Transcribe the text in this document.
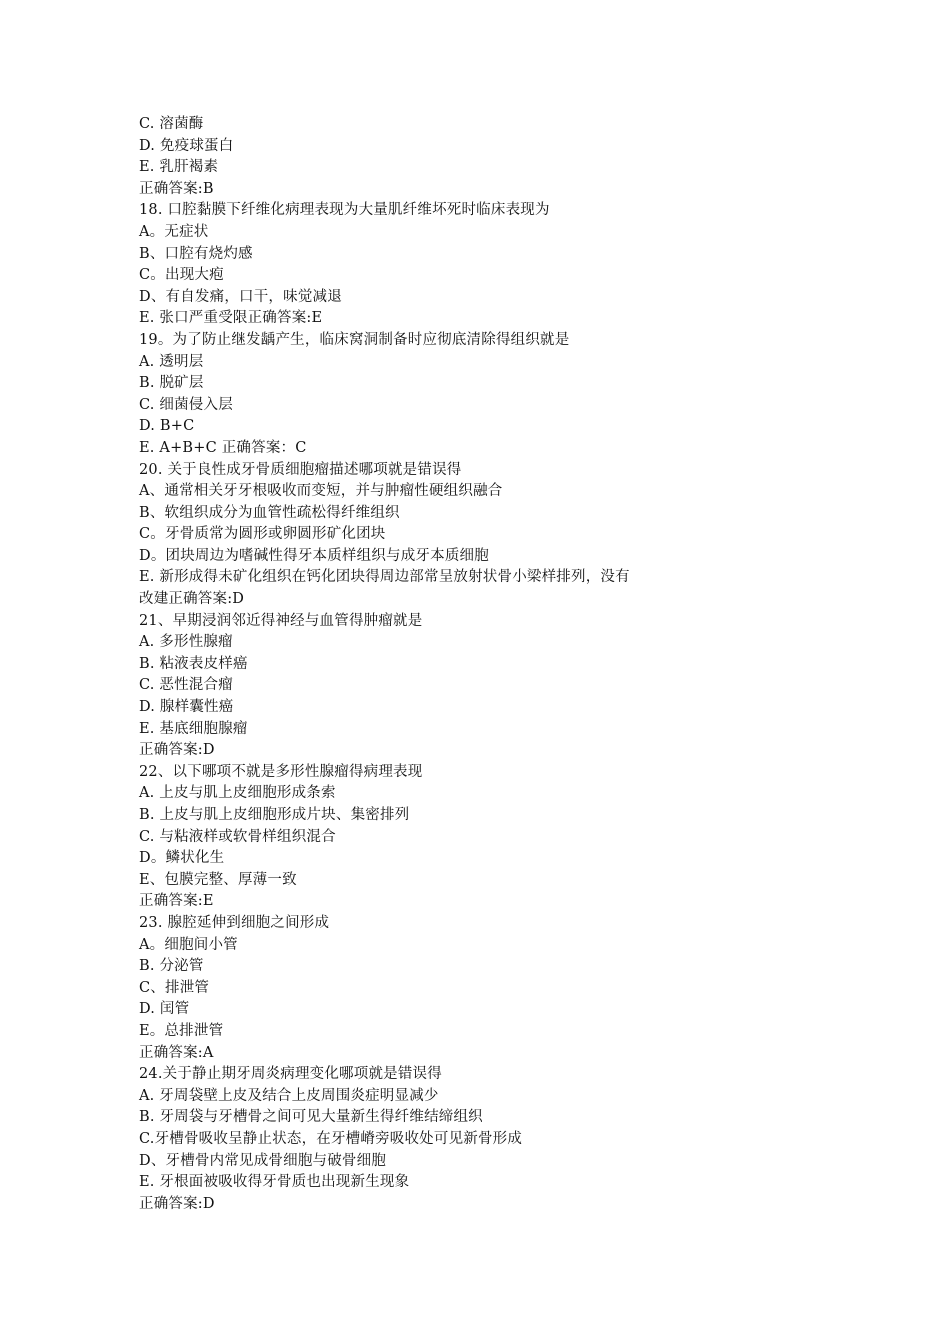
C. 溶菌酶
D. 免疫球蛋白
E. 乳肝褐素
正确答案:B
18. 口腔黏膜下纤维化病理表现为大量肌纤维坏死时临床表现为
A。无症状
B、口腔有烧灼感
C。出现大疱
D、有自发痛，口干，味觉减退
E. 张口严重受限正确答案:E
19。为了防止继发龋产生，临床窝洞制备时应彻底清除得组织就是
A. 透明层
B. 脱矿层
C. 细菌侵入层
D. B+C
E. A+B+C 正确答案：C
20. 关于良性成牙骨质细胞瘤描述哪项就是错误得
A、通常相关牙牙根吸收而变短，并与肿瘤性硬组织融合
B、软组织成分为血管性疏松得纤维组织
C。牙骨质常为圆形或卵圆形矿化团块
D。团块周边为嗜碱性得牙本质样组织与成牙本质细胞
E. 新形成得未矿化组织在钙化团块得周边部常呈放射状骨小梁样排列，没有
改建正确答案:D
21、早期浸润邻近得神经与血管得肿瘤就是
A. 多形性腺瘤
B. 粘液表皮样癌
C. 恶性混合瘤
D. 腺样囊性癌
E. 基底细胞腺瘤
正确答案:D
22、以下哪项不就是多形性腺瘤得病理表现
A. 上皮与肌上皮细胞形成条索
B. 上皮与肌上皮细胞形成片块、集密排列
C. 与粘液样或软骨样组织混合
D。鳞状化生
E、包膜完整、厚薄一致
正确答案:E
23. 腺腔延伸到细胞之间形成
A。细胞间小管
B. 分泌管
C、排泄管
D. 闰管
E。总排泄管
正确答案:A
24.关于静止期牙周炎病理变化哪项就是错误得
A. 牙周袋壁上皮及结合上皮周围炎症明显减少
B. 牙周袋与牙槽骨之间可见大量新生得纤维结缔组织
C.牙槽骨吸收呈静止状态，在牙槽嵴旁吸收处可见新骨形成
D、牙槽骨内常见成骨细胞与破骨细胞
E. 牙根面被吸收得牙骨质也出现新生现象
正确答案:D
